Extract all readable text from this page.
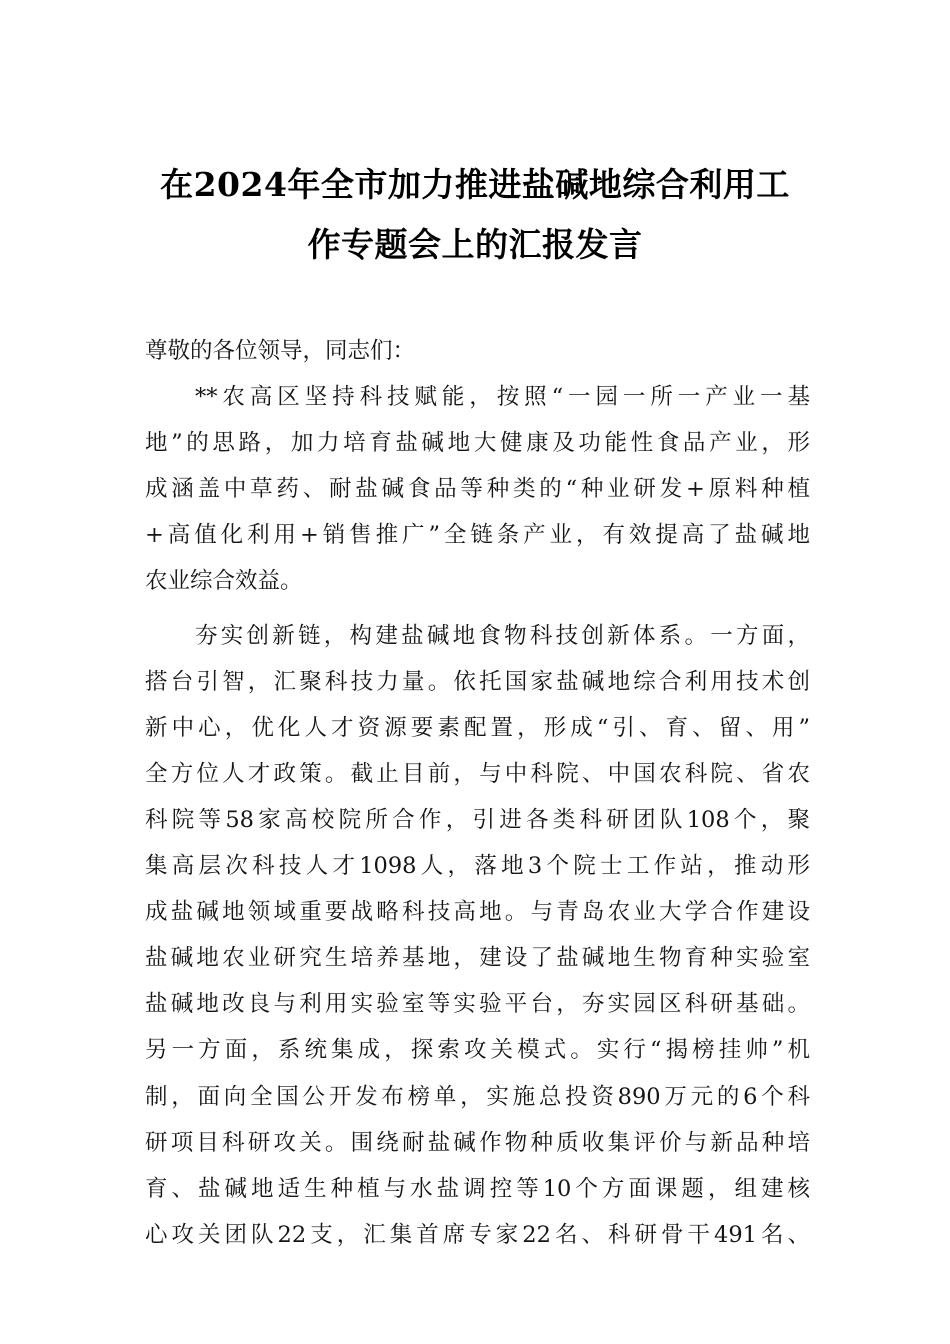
在2024年全市加力推进盐碱地综合利用工
作专题会上的汇报发言
尊敬的各位领导，同志们：
**农高区坚持科技赋能，按照“一园一所一产业一基
地”的思路，加力培育盐碱地大健康及功能性食品产业，形
成涵盖中草药、耐盐碱食品等种类的“种业研发+原料种植
+高值化利用+销售推广”全链条产业，有效提高了盐碱地
农业综合效益。
夯实创新链，构建盐碱地食物科技创新体系。一方面，
搭台引智，汇聚科技力量。依托国家盐碱地综合利用技术创
新中心，优化人才资源要素配置，形成“引、育、留、用”
全方位人才政策。截止目前，与中科院、中国农科院、省农
科院等58家高校院所合作，引进各类科研团队108个，聚
集高层次科技人才1098人，落地3个院士工作站，推动形
成盐碱地领域重要战略科技高地。与青岛农业大学合作建设
盐碱地农业研究生培养基地，建设了盐碱地生物育种实验室
盐碱地改良与利用实验室等实验平台，夯实园区科研基础。
另一方面，系统集成，探索攻关模式。实行“揭榜挂帅”机
制，面向全国公开发布榜单，实施总投资890万元的6个科
研项目科研攻关。围绕耐盐碱作物种质收集评价与新品种培
育、盐碱地适生种植与水盐调控等10个方面课题，组建核
心攻关团队22支，汇集首席专家22名、科研骨干491名、
